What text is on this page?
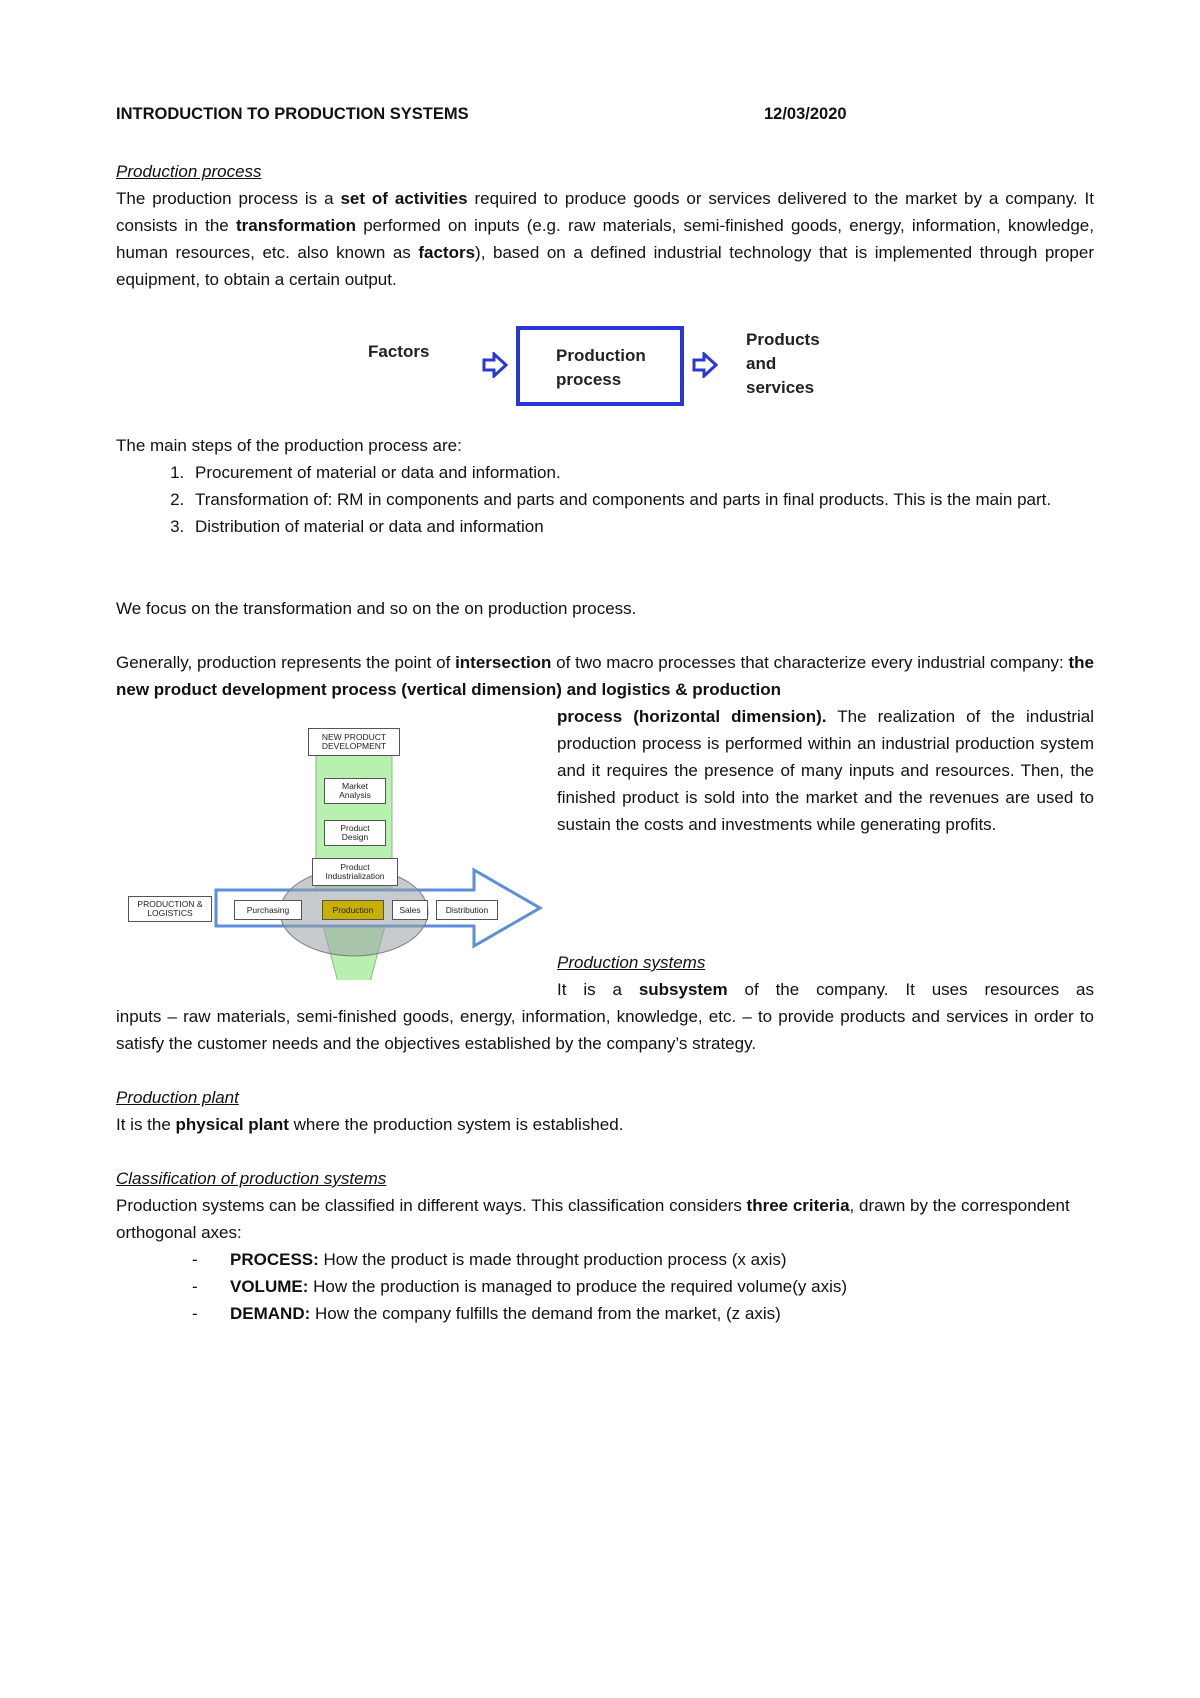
INTRODUCTION TO PRODUCTION SYSTEMS	12/03/2020

Production process

The production process is a set of activities required to produce goods or services delivered to the market by a company. It consists in the transformation performed on inputs (e.g. raw materials, semi-finished goods, energy, information, knowledge, human resources, etc. also known as factors), based on a defined industrial technology that is implemented through proper equipment, to obtain a certain output.

Factors	Production
process
Products
and
services

The main steps of the production process are:

1. Procurement of material or data and information.
2. Transformation of: RM in components and parts and components and parts in final products. This is the main part.
3. Distribution of material or data and information

We focus on the transformation and so on the on production process.

Generally, production represents the point of intersection of two macro processes that characterize every industrial company: the new product development process (vertical dimension) and logistics & production

process (horizontal dimension). The realization of the industrial production process is performed within an industrial production system and it requires the presence of many inputs and resources. Then, the finished product is sold into the market and the revenues are used to sustain the costs and investments while generating profits.

NEW PRODUCT DEVELOPMENT
Market Analysis
Product Design
Product Industrialization
PRODUCTION & LOGISTICS	Purchasing	Production	Sales	Distribution

Production systems

It is a subsystem of the company. It uses resources as

inputs – raw materials, semi-finished goods, energy, information, knowledge, etc. – to provide products and services in order to satisfy the customer needs and the objectives established by the company’s strategy.

Production plant

It is the physical plant where the production system is established.

Classification of production systems

Production systems can be classified in different ways. This classification considers three criteria, drawn by the correspondent orthogonal axes:

- PROCESS: How the product is made throught production process (x axis)
- VOLUME: How the production is managed to produce the required volume(y axis)
- DEMAND: How the company fulfills the demand from the market, (z axis)
